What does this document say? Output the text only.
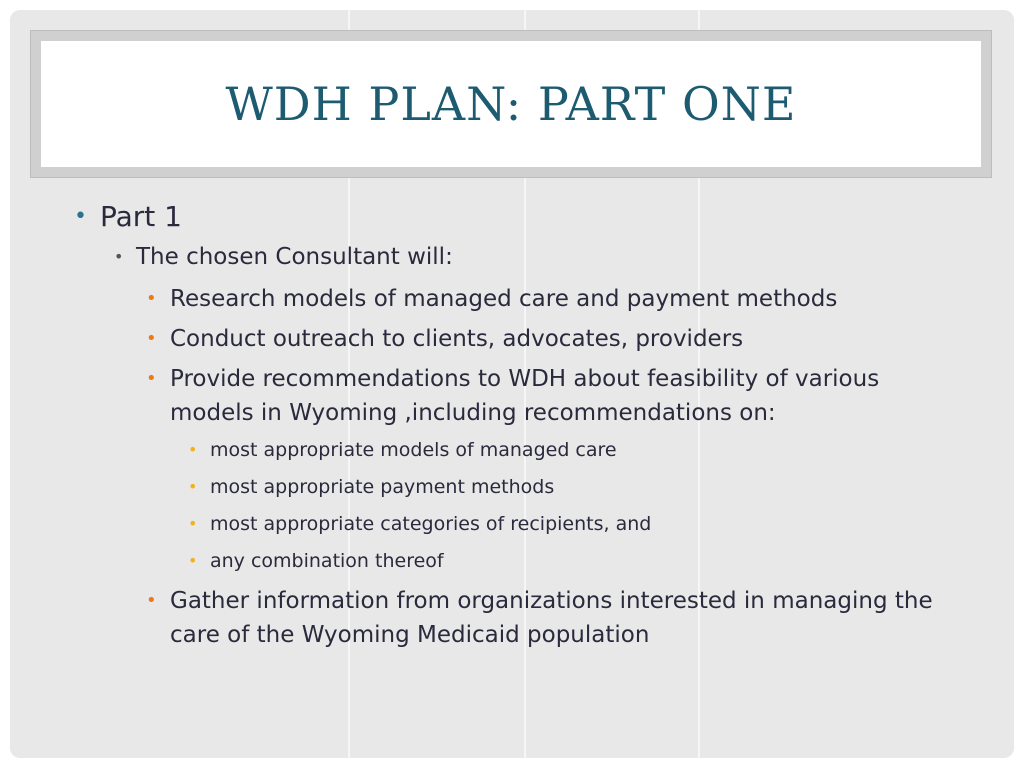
WDH PLAN: PART ONE
• Part 1
• The chosen Consultant will:
• Research models of managed care and payment methods
• Conduct outreach to clients, advocates, providers
• Provide recommendations to WDH about feasibility of various models in Wyoming ,including recommendations on:
• most appropriate models of managed care
• most appropriate payment methods
• most appropriate categories of recipients, and
• any combination thereof
• Gather information from organizations interested in managing the care of the Wyoming Medicaid population
